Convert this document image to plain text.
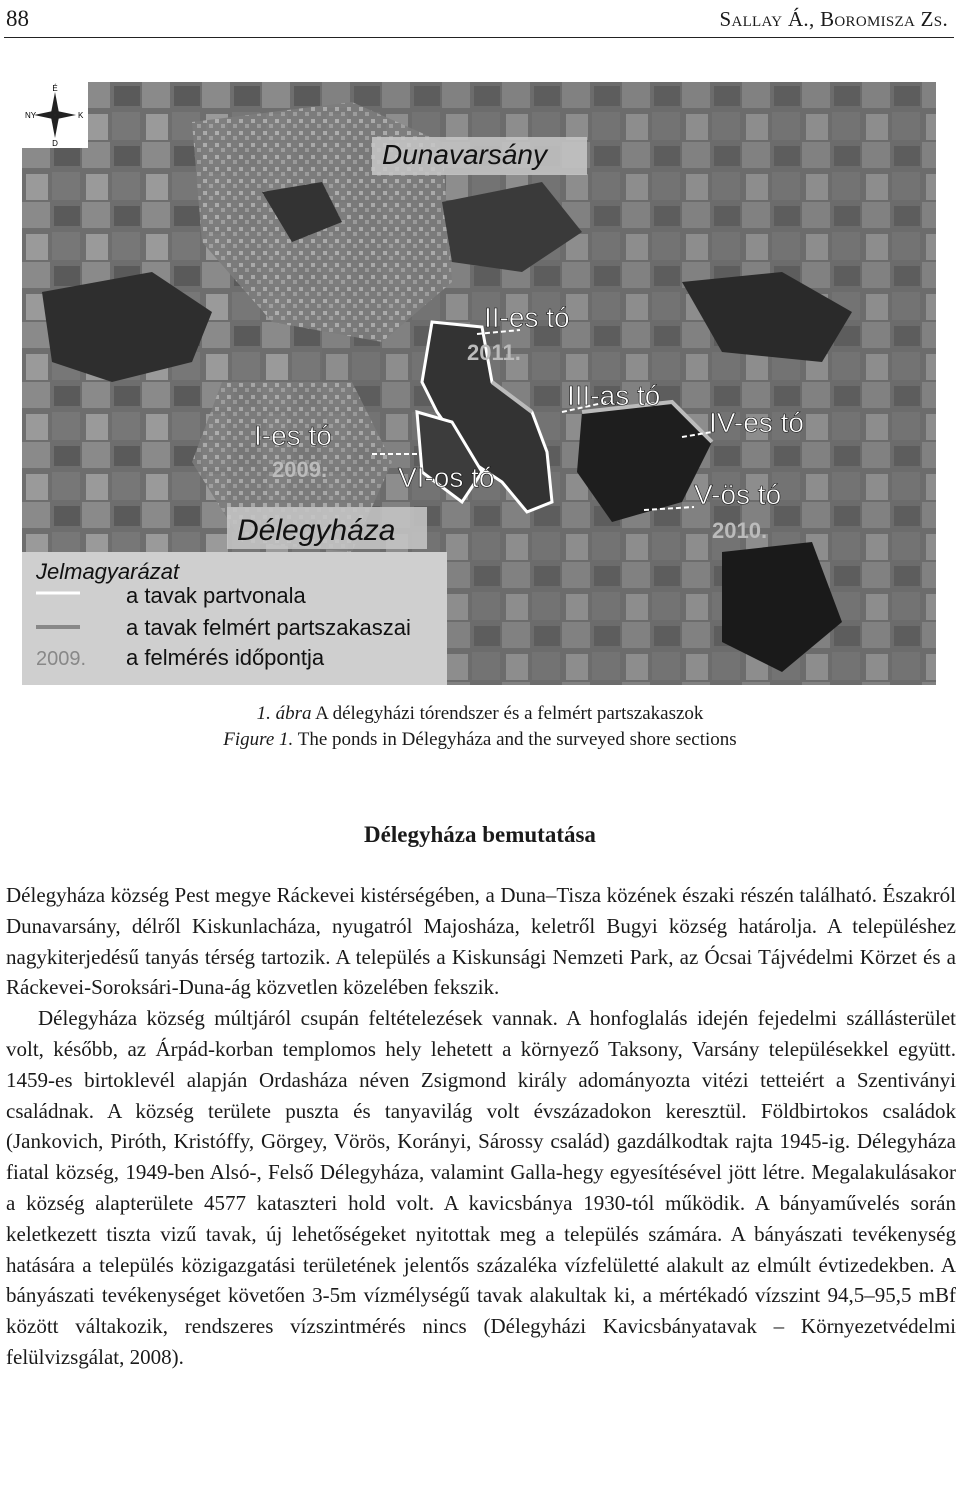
88	Sallay Á., Boromisza Zs.
É
D
NY	K
Dunavarsány
II-es tó
2011.
III-as tó
IV-es tó
I-es tó
2009.	VI-os tó
V-ös tó
2010.
Délegyháza
Jelmagyarázat
a tavak partvonala
a tavak felmért partszakaszai
2009. a felmérés időpontja
1. ábra A délegyházi tórendszer és a felmért partszakaszok
Figure 1. The ponds in Délegyháza and the surveyed shore sections
Délegyháza bemutatása

Délegyháza község Pest megye Ráckevei kistérségében, a Duna–Tisza közének északi részén található. Északról Dunavarsány, délről Kiskunlacháza, nyugatról Majosháza, keletről Bugyi község határolja. A településhez nagykiterjedésű tanyás térség tartozik. A település a Kiskunsági Nemzeti Park, az Ócsai Tájvédelmi Körzet és a Ráckevei-Soroksári-Duna-ág közvetlen közelében fekszik.

Délegyháza község múltjáról csupán feltételezések vannak. A honfoglalás idején fejedelmi szállásterület volt, később, az Árpád-korban templomos hely lehetett a környező Taksony, Varsány településekkel együtt. 1459-es birtoklevél alapján Ordasháza néven Zsigmond király adományozta vitézi tetteiért a Szentiványi családnak. A község területe puszta és tanyavilág volt évszázadokon keresztül. Földbirtokos családok (Jankovich, Piróth, Kristóffy, Görgey, Vörös, Korányi, Sárossy család) gazdálkodtak rajta 1945-ig. Délegyháza fiatal község, 1949-ben Alsó-, Felső Délegyháza, valamint Galla-hegy egyesítésével jött létre. Megalakulásakor a község alapterülete 4577 kataszteri hold volt. A kavicsbánya 1930-tól működik. A bányaművelés során keletkezett tiszta vizű tavak, új lehetőségeket nyitottak meg a település számára. A bányászati tevékenység hatására a település közigazgatási területének jelentős százaléka vízfelületté alakult az elmúlt évtizedekben. A bányászati tevékenységet követően 3-5m vízmélységű tavak alakultak ki, a mértékadó vízszint 94,5–95,5 mBf között váltakozik, rendszeres vízszintmérés nincs (Délegyházi Kavicsbányatavak – Környezetvédelmi felülvizsgálat, 2008).
